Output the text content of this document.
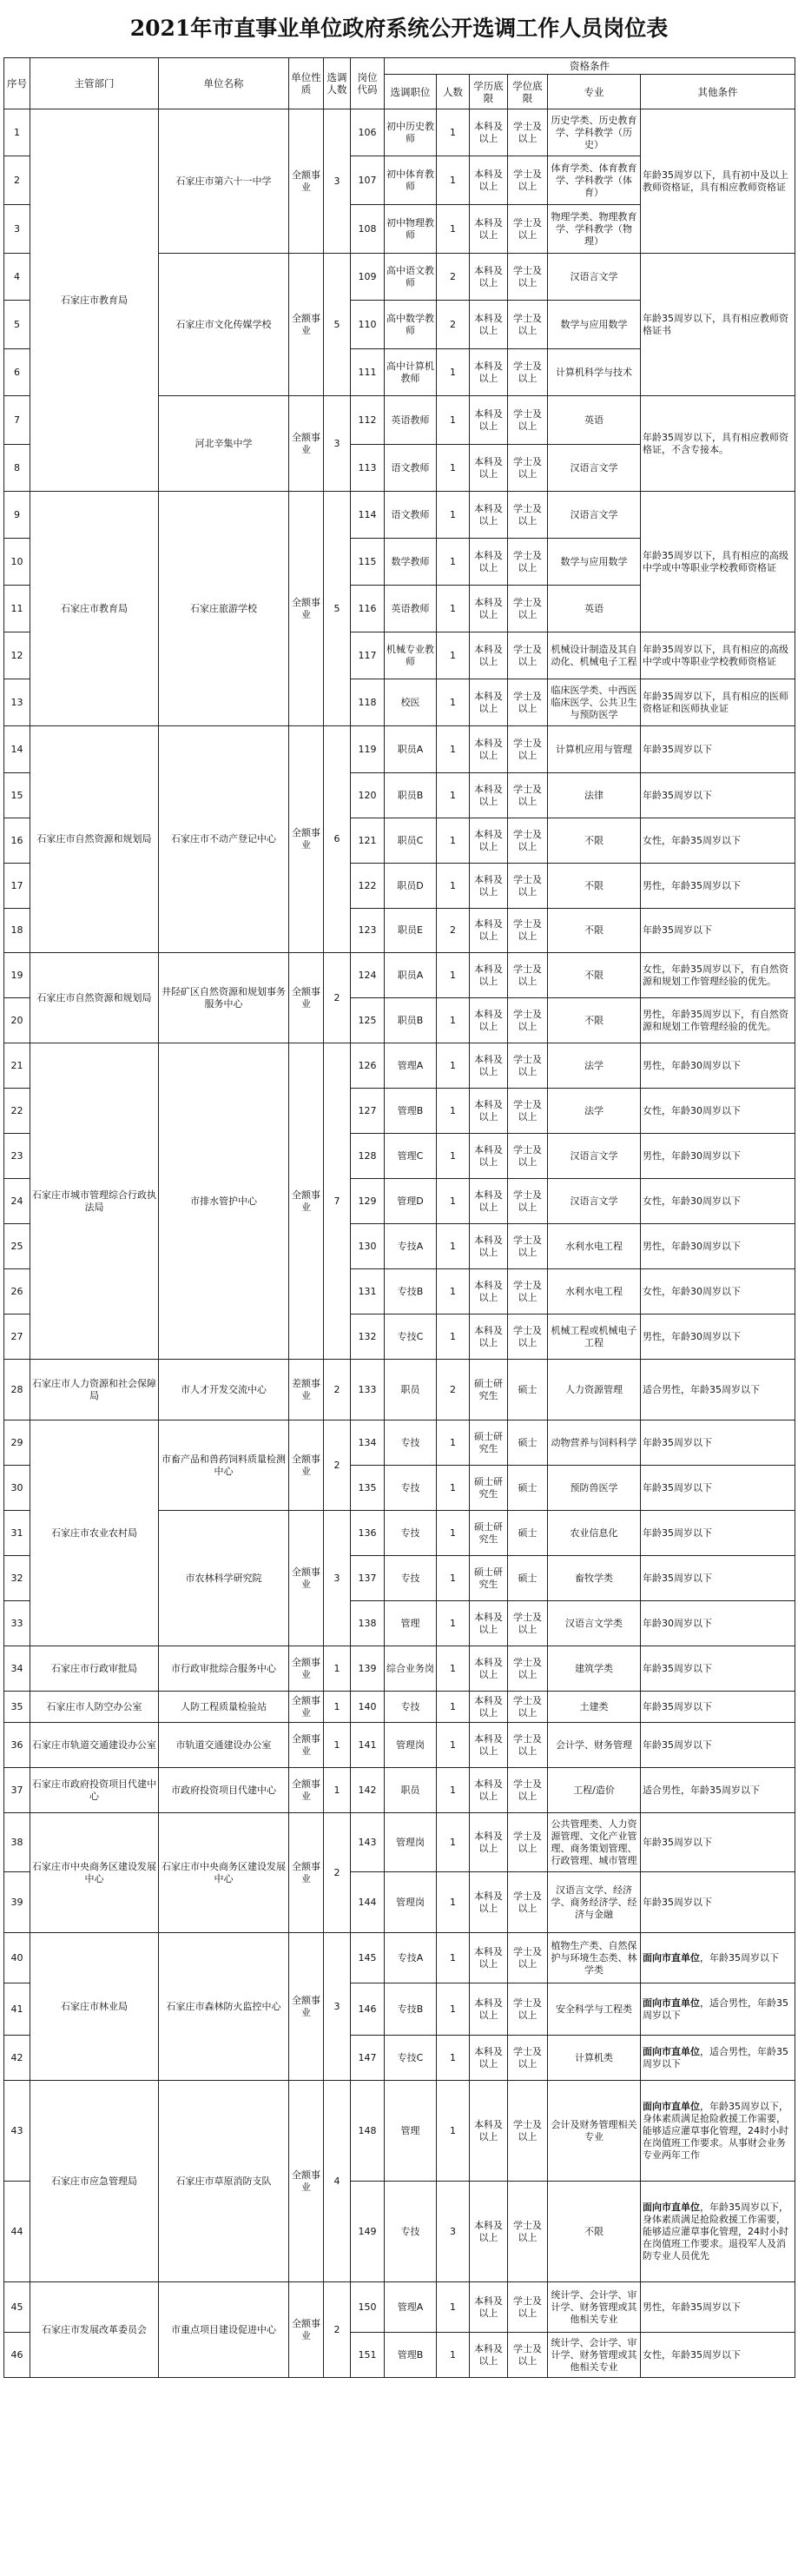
2021年市直事业单位政府系统公开选调工作人员岗位表
序号	主管部门	单位名称	单位性质	选调人数	岗位代码	资格条件					
						选调职位	人数	学历底限	学位底限	专业	其他条件
1	石家庄市教育局	石家庄市第六十一中学	全额事业	3	106	初中历史教师	1	本科及以上	学士及以上	历史学类、历史教育学、学科教学（历史）	年龄35周岁以下，具有初中及以上教师资格证，具有相应教师资格证
2					107	初中体育教师	1	本科及以上	学士及以上	体育学类、体育教育学、学科教学（体育）	
3					108	初中物理教师	1	本科及以上	学士及以上	物理学类、物理教育学、学科教学（物理）	
4		石家庄市文化传媒学校	全额事业	5	109	高中语文教师	2	本科及以上	学士及以上	汉语言文学	年龄35周岁以下，具有相应教师资格证书
5					110	高中数学教师	2	本科及以上	学士及以上	数学与应用数学	
6					111	高中计算机教师	1	本科及以上	学士及以上	计算机科学与技术	
7		河北辛集中学	全额事业	3	112	英语教师	1	本科及以上	学士及以上	英语	年龄35周岁以下，具有相应教师资格证，不含专接本。
8					113	语文教师	1	本科及以上	学士及以上	汉语言文学	
9	石家庄市教育局	石家庄旅游学校	全额事业	5	114	语文教师	1	本科及以上	学士及以上	汉语言文学	年龄35周岁以下，具有相应的高级中学或中等职业学校教师资格证
10					115	数学教师	1	本科及以上	学士及以上	数学与应用数学	
11					116	英语教师	1	本科及以上	学士及以上	英语	
12					117	机械专业教师	1	本科及以上	学士及以上	机械设计制造及其自动化、机械电子工程	年龄35周岁以下，具有相应的高级中学或中等职业学校教师资格证
13					118	校医	1	本科及以上	学士及以上	临床医学类、中西医临床医学、公共卫生与预防医学	年龄35周岁以下，具有相应的医师资格证和医师执业证
14	石家庄市自然资源和规划局	石家庄市不动产登记中心	全额事业	6	119	职员A	1	本科及以上	学士及以上	计算机应用与管理	年龄35周岁以下
15					120	职员B	1	本科及以上	学士及以上	法律	年龄35周岁以下
16					121	职员C	1	本科及以上	学士及以上	不限	女性，年龄35周岁以下
17					122	职员D	1	本科及以上	学士及以上	不限	男性，年龄35周岁以下
18					123	职员E	2	本科及以上	学士及以上	不限	年龄35周岁以下
19	石家庄市自然资源和规划局	井陉矿区自然资源和规划事务服务中心	全额事业	2	124	职员A	1	本科及以上	学士及以上	不限	女性，年龄35周岁以下，有自然资源和规划工作管理经验的优先。
20					125	职员B	1	本科及以上	学士及以上	不限	男性，年龄35周岁以下，有自然资源和规划工作管理经验的优先。
21	石家庄市城市管理综合行政执法局	市排水管护中心	全额事业	7	126	管理A	1	本科及以上	学士及以上	法学	男性，年龄30周岁以下
22					127	管理B	1	本科及以上	学士及以上	法学	女性，年龄30周岁以下
23					128	管理C	1	本科及以上	学士及以上	汉语言文学	男性，年龄30周岁以下
24					129	管理D	1	本科及以上	学士及以上	汉语言文学	女性，年龄30周岁以下
25					130	专技A	1	本科及以上	学士及以上	水利水电工程	男性，年龄30周岁以下
26					131	专技B	1	本科及以上	学士及以上	水利水电工程	女性，年龄30周岁以下
27					132	专技C	1	本科及以上	学士及以上	机械工程或机械电子工程	男性，年龄30周岁以下
28	石家庄市人力资源和社会保障局	市人才开发交流中心	差额事业	2	133	职员	2	硕士研究生	硕士	人力资源管理	适合男性，年龄35周岁以下
29	石家庄市农业农村局	市畜产品和兽药饲料质量检测中心	全额事业	2	134	专技	1	硕士研究生	硕士	动物营养与饲料科学	年龄35周岁以下
30					135	专技	1	硕士研究生	硕士	预防兽医学	年龄35周岁以下
31		市农林科学研究院	全额事业	3	136	专技	1	硕士研究生	硕士	农业信息化	年龄35周岁以下
32					137	专技	1	硕士研究生	硕士	畜牧学类	年龄35周岁以下
33					138	管理	1	本科及以上	学士及以上	汉语言文学类	年龄30周岁以下
34	石家庄市行政审批局	市行政审批综合服务中心	全额事业	1	139	综合业务岗	1	本科及以上	学士及以上	建筑学类	年龄35周岁以下
35	石家庄市人防空办公室	人防工程质量检验站	全额事业	1	140	专技	1	本科及以上	学士及以上	土建类	年龄35周岁以下
36	石家庄市轨道交通建设办公室	市轨道交通建设办公室	全额事业	1	141	管理岗	1	本科及以上	学士及以上	会计学、财务管理	年龄35周岁以下
37	石家庄市政府投资项目代建中心	市政府投资项目代建中心	全额事业	1	142	职员	1	本科及以上	学士及以上	工程/造价	适合男性，年龄35周岁以下
38	石家庄市中央商务区建设发展中心	石家庄市中央商务区建设发展中心	全额事业	2	143	管理岗	1	本科及以上	学士及以上	公共管理类、人力资源管理、文化产业管理、商务策划管理、行政管理、城市管理	年龄35周岁以下
39					144	管理岗	1	本科及以上	学士及以上	汉语言文学、经济学、商务经济学、经济与金融	年龄35周岁以下
40	石家庄市林业局	石家庄市森林防火监控中心	全额事业	3	145	专技A	1	本科及以上	学士及以上	植物生产类、自然保护与环境生态类、林学类	面向市直单位，年龄35周岁以下
41					146	专技B	1	本科及以上	学士及以上	安全科学与工程类	面向市直单位，适合男性，年龄35周岁以下
42					147	专技C	1	本科及以上	学士及以上	计算机类	面向市直单位，适合男性，年龄35周岁以下
43	石家庄市应急管理局	石家庄市草原消防支队	全额事业	4	148	管理	1	本科及以上	学士及以上	会计及财务管理相关专业	面向市直单位，年龄35周岁以下，身体素质满足抢险救援工作需要，能够适应灌草事化管理，24时小时在岗值班工作要求。从事财会业务专业两年工作
44					149	专技	3	本科及以上	学士及以上	不限	面向市直单位，年龄35周岁以下，身体素质满足抢险救援工作需要，能够适应灌草事化管理，24时小时在岗值班工作要求。退役军人及消防专业人员优先
45	石家庄市发展改革委员会	市重点项目建设促进中心	全额事业	2	150	管理A	1	本科及以上	学士及以上	统计学、会计学、审计学、财务管理或其他相关专业	男性，年龄35周岁以下
46					151	管理B	1	本科及以上	学士及以上	统计学、会计学、审计学、财务管理或其他相关专业	女性，年龄35周岁以下
